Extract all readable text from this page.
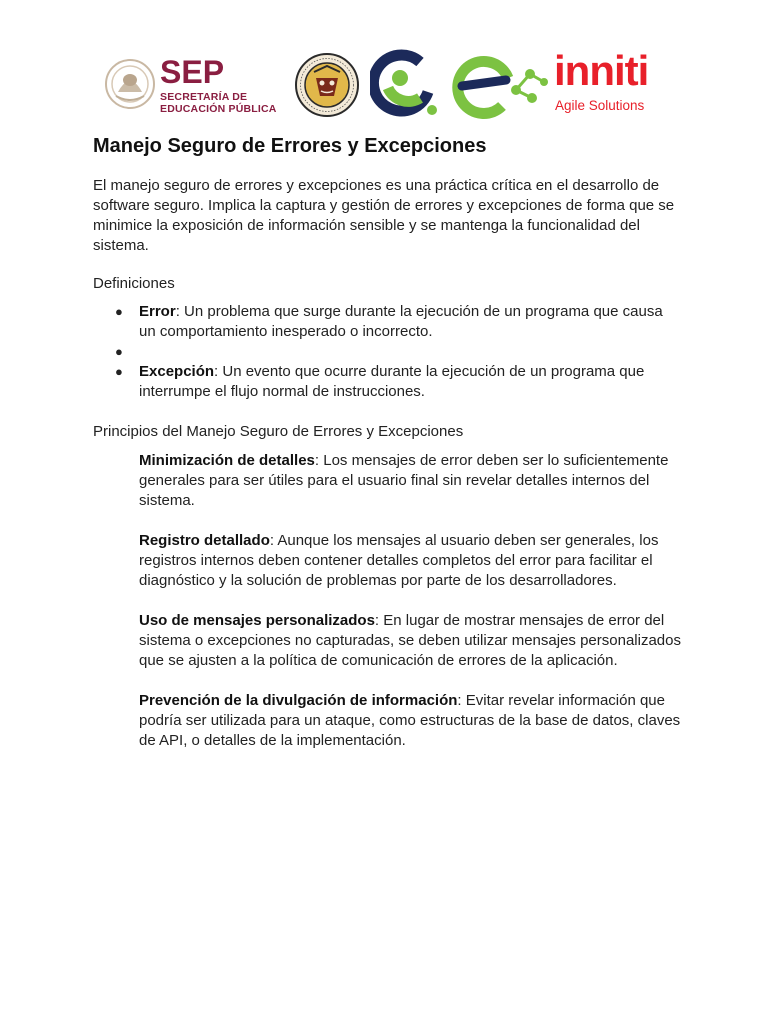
SEP
SECRETARÍA DE
EDUCACIÓN PÚBLICA
inniti
Agile Solutions
Manejo Seguro de Errores y Excepciones

El manejo seguro de errores y excepciones es una práctica crítica en el desarrollo de software seguro. Implica la captura y gestión de errores y excepciones de forma que se minimice la exposición de información sensible y se mantenga la funcionalidad del sistema.

Definiciones

● Error: Un problema que surge durante la ejecución de un programa que causa un comportamiento inesperado o incorrecto.
●
● Excepción: Un evento que ocurre durante la ejecución de un programa que interrumpe el flujo normal de instrucciones.

Principios del Manejo Seguro de Errores y Excepciones

Minimización de detalles: Los mensajes de error deben ser lo suficientemente generales para ser útiles para el usuario final sin revelar detalles internos del sistema.

Registro detallado: Aunque los mensajes al usuario deben ser generales, los registros internos deben contener detalles completos del error para facilitar el diagnóstico y la solución de problemas por parte de los desarrolladores.

Uso de mensajes personalizados: En lugar de mostrar mensajes de error del sistema o excepciones no capturadas, se deben utilizar mensajes personalizados que se ajusten a la política de comunicación de errores de la aplicación.

Prevención de la divulgación de información: Evitar revelar información que podría ser utilizada para un ataque, como estructuras de la base de datos, claves de API, o detalles de la implementación.
